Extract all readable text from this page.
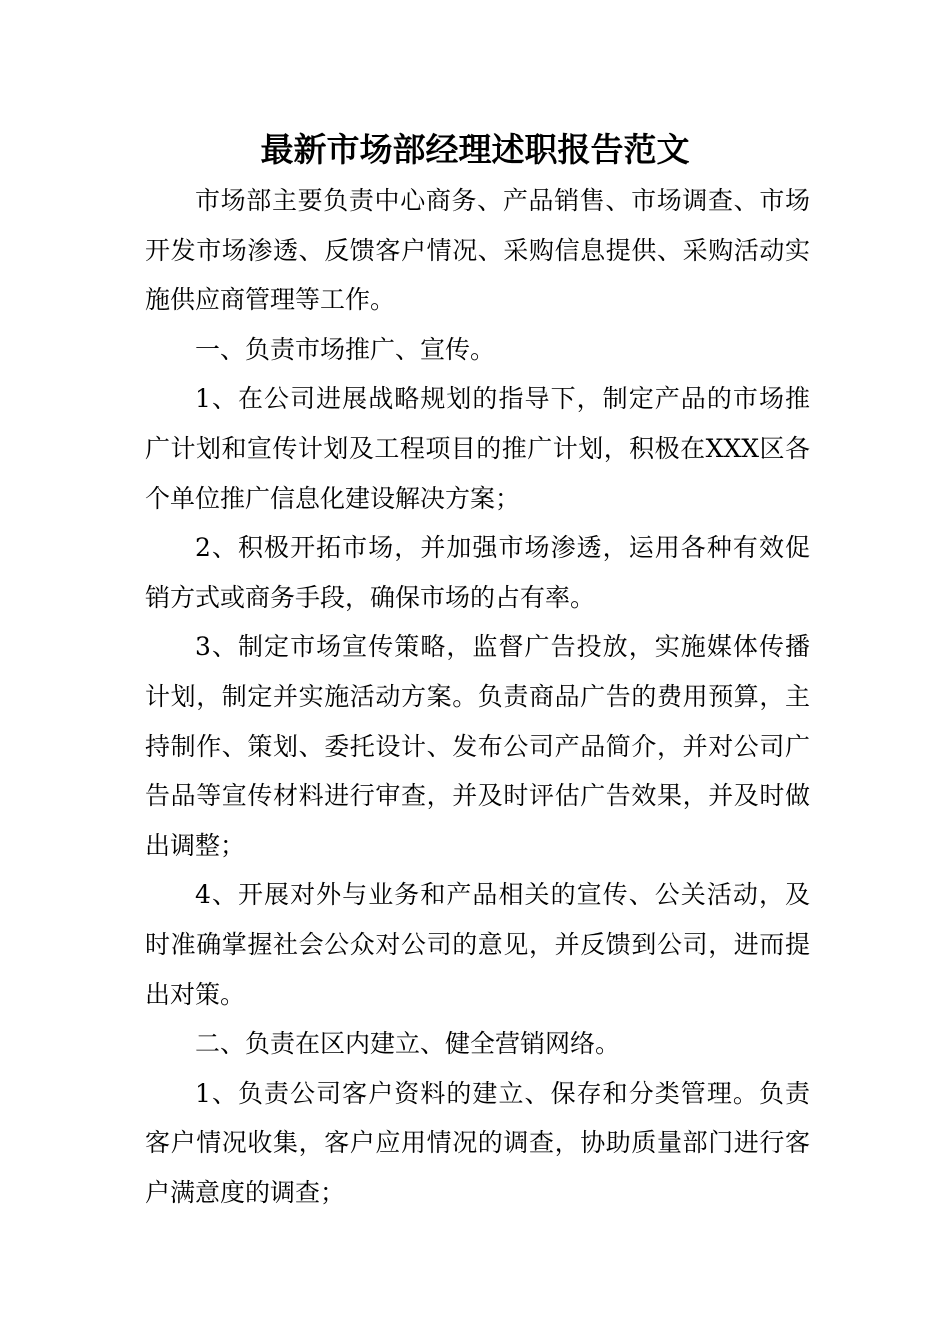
最新市场部经理述职报告范文

市场部主要负责中心商务、产品销售、市场调查、市场开发市场渗透、反馈客户情况、采购信息提供、采购活动实施供应商管理等工作。

一、负责市场推广、宣传。

1、在公司进展战略规划的指导下，制定产品的市场推广计划和宣传计划及工程项目的推广计划，积极在XXX区各个单位推广信息化建设解决方案；

2、积极开拓市场，并加强市场渗透，运用各种有效促销方式或商务手段，确保市场的占有率。

3、制定市场宣传策略，监督广告投放，实施媒体传播计划，制定并实施活动方案。负责商品广告的费用预算，主持制作、策划、委托设计、发布公司产品简介，并对公司广告品等宣传材料进行审查，并及时评估广告效果，并及时做出调整；

4、开展对外与业务和产品相关的宣传、公关活动，及时准确掌握社会公众对公司的意见，并反馈到公司，进而提出对策。

二、负责在区内建立、健全营销网络。

1、负责公司客户资料的建立、保存和分类管理。负责客户情况收集，客户应用情况的调查，协助质量部门进行客户满意度的调查；
